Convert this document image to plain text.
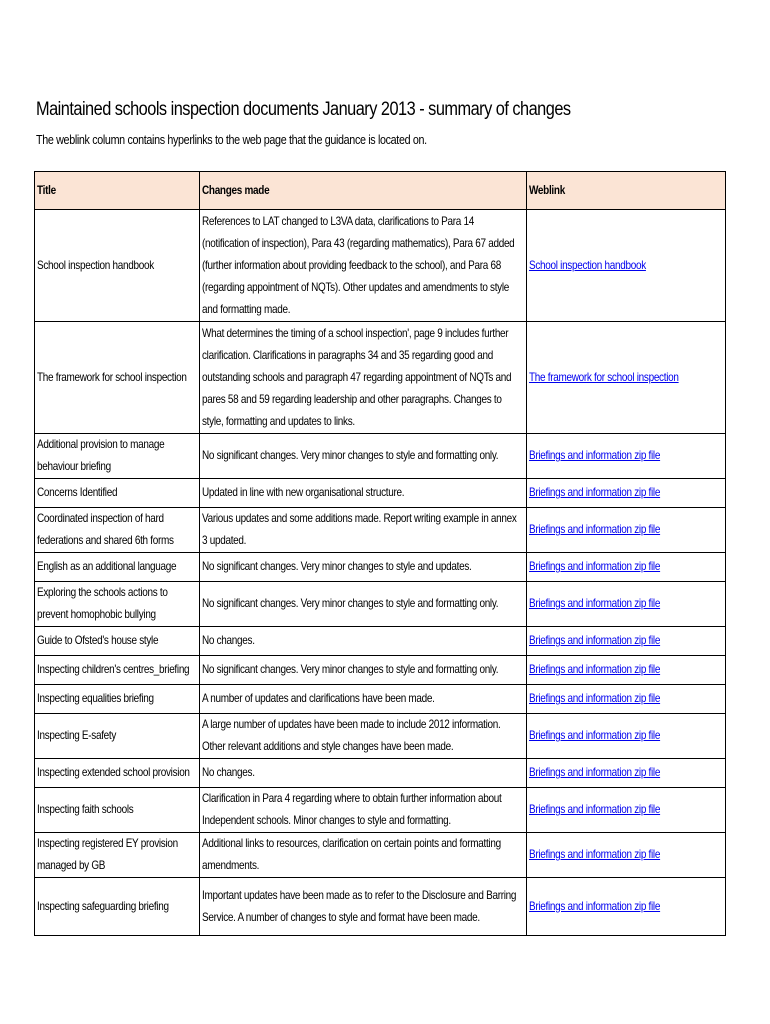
Maintained schools inspection documents January 2013 - summary of changes
The weblink column contains hyperlinks to the web page that the guidance is located on.
Title	Changes made	Weblink

School inspection handbook	References to LAT changed to L3VA data, clarifications to Para 14 (notification of inspection), Para 43 (regarding mathematics), Para 67 added (further information about providing feedback to the school), and Para 68 (regarding appointment of NQTs). Other updates and amendments to style and formatting made.	School inspection handbook

The framework for school inspection	What determines the timing of a school inspection', page 9 includes further clarification. Clarifications in paragraphs 34 and 35 regarding good and outstanding schools and paragraph 47 regarding appointment of NQTs and pares 58 and 59 regarding leadership and other paragraphs. Changes to style, formatting and updates to links.	The framework for school inspection

Additional provision to manage behaviour briefing	No significant changes. Very minor changes to style and formatting only.	Briefings and information zip file

Concerns Identified	Updated in line with new organisational structure.	Briefings and information zip file

Coordinated inspection of hard federations and shared 6th forms	Various updates and some additions made. Report writing example in annex 3 updated.	Briefings and information zip file

English as an additional language	No significant changes. Very minor changes to style and updates.	Briefings and information zip file

Exploring the schools actions to prevent homophobic bullying	No significant changes. Very minor changes to style and formatting only.	Briefings and information zip file

Guide to Ofsted's house style	No changes.	Briefings and information zip file

Inspecting children's centres_briefing	No significant changes. Very minor changes to style and formatting only.	Briefings and information zip file

Inspecting equalities briefing	A number of updates and clarifications have been made.	Briefings and information zip file

Inspecting E-safety	A large number of updates have been made to include 2012 information. Other relevant additions and style changes have been made.	Briefings and information zip file

Inspecting extended school provision	No changes.	Briefings and information zip file

Inspecting faith schools	Clarification in Para 4 regarding where to obtain further information about Independent schools. Minor changes to style and formatting.	Briefings and information zip file

Inspecting registered EY provision managed by GB	Additional links to resources, clarification on certain points and formatting amendments.	Briefings and information zip file

Inspecting safeguarding briefing	Important updates have been made as to refer to the Disclosure and Barring Service. A number of changes to style and format have been made.	Briefings and information zip file
